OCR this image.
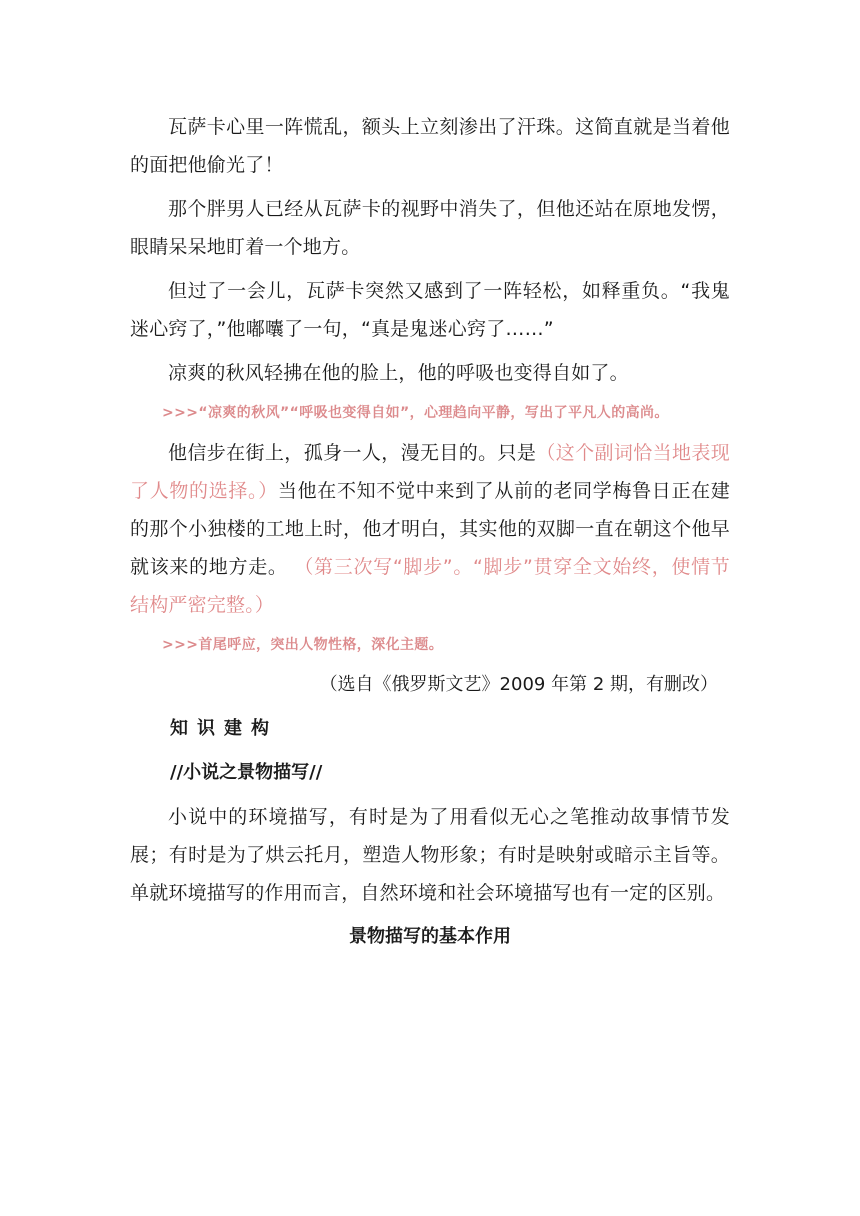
瓦萨卡心里一阵慌乱，额头上立刻渗出了汗珠。这简直就是当着他的面把他偷光了！

那个胖男人已经从瓦萨卡的视野中消失了，但他还站在原地发愣，眼睛呆呆地盯着一个地方。

但过了一会儿，瓦萨卡突然又感到了一阵轻松，如释重负。“我鬼迷心窍了，”他嘟囔了一句，“真是鬼迷心窍了……”

凉爽的秋风轻拂在他的脸上，他的呼吸也变得自如了。

>>>“凉爽的秋风”“呼吸也变得自如”，心理趋向平静，写出了平凡人的高尚。

他信步在街上，孤身一人，漫无目的。只是（这个副词恰当地表现了人物的选择。）当他在不知不觉中来到了从前的老同学梅鲁日正在建的那个小独楼的工地上时，他才明白，其实他的双脚一直在朝这个他早就该来的地方走。 （第三次写“脚步”。“脚步”贯穿全文始终，使情节结构严密完整。）

>>>首尾呼应，突出人物性格，深化主题。
（选自《俄罗斯文艺》2009 年第 2 期，有删改）
知识建构
//小说之景物描写//

小说中的环境描写，有时是为了用看似无心之笔推动故事情节发展；有时是为了烘云托月，塑造人物形象；有时是映射或暗示主旨等。单就环境描写的作用而言，自然环境和社会环境描写也有一定的区别。

景物描写的基本作用
